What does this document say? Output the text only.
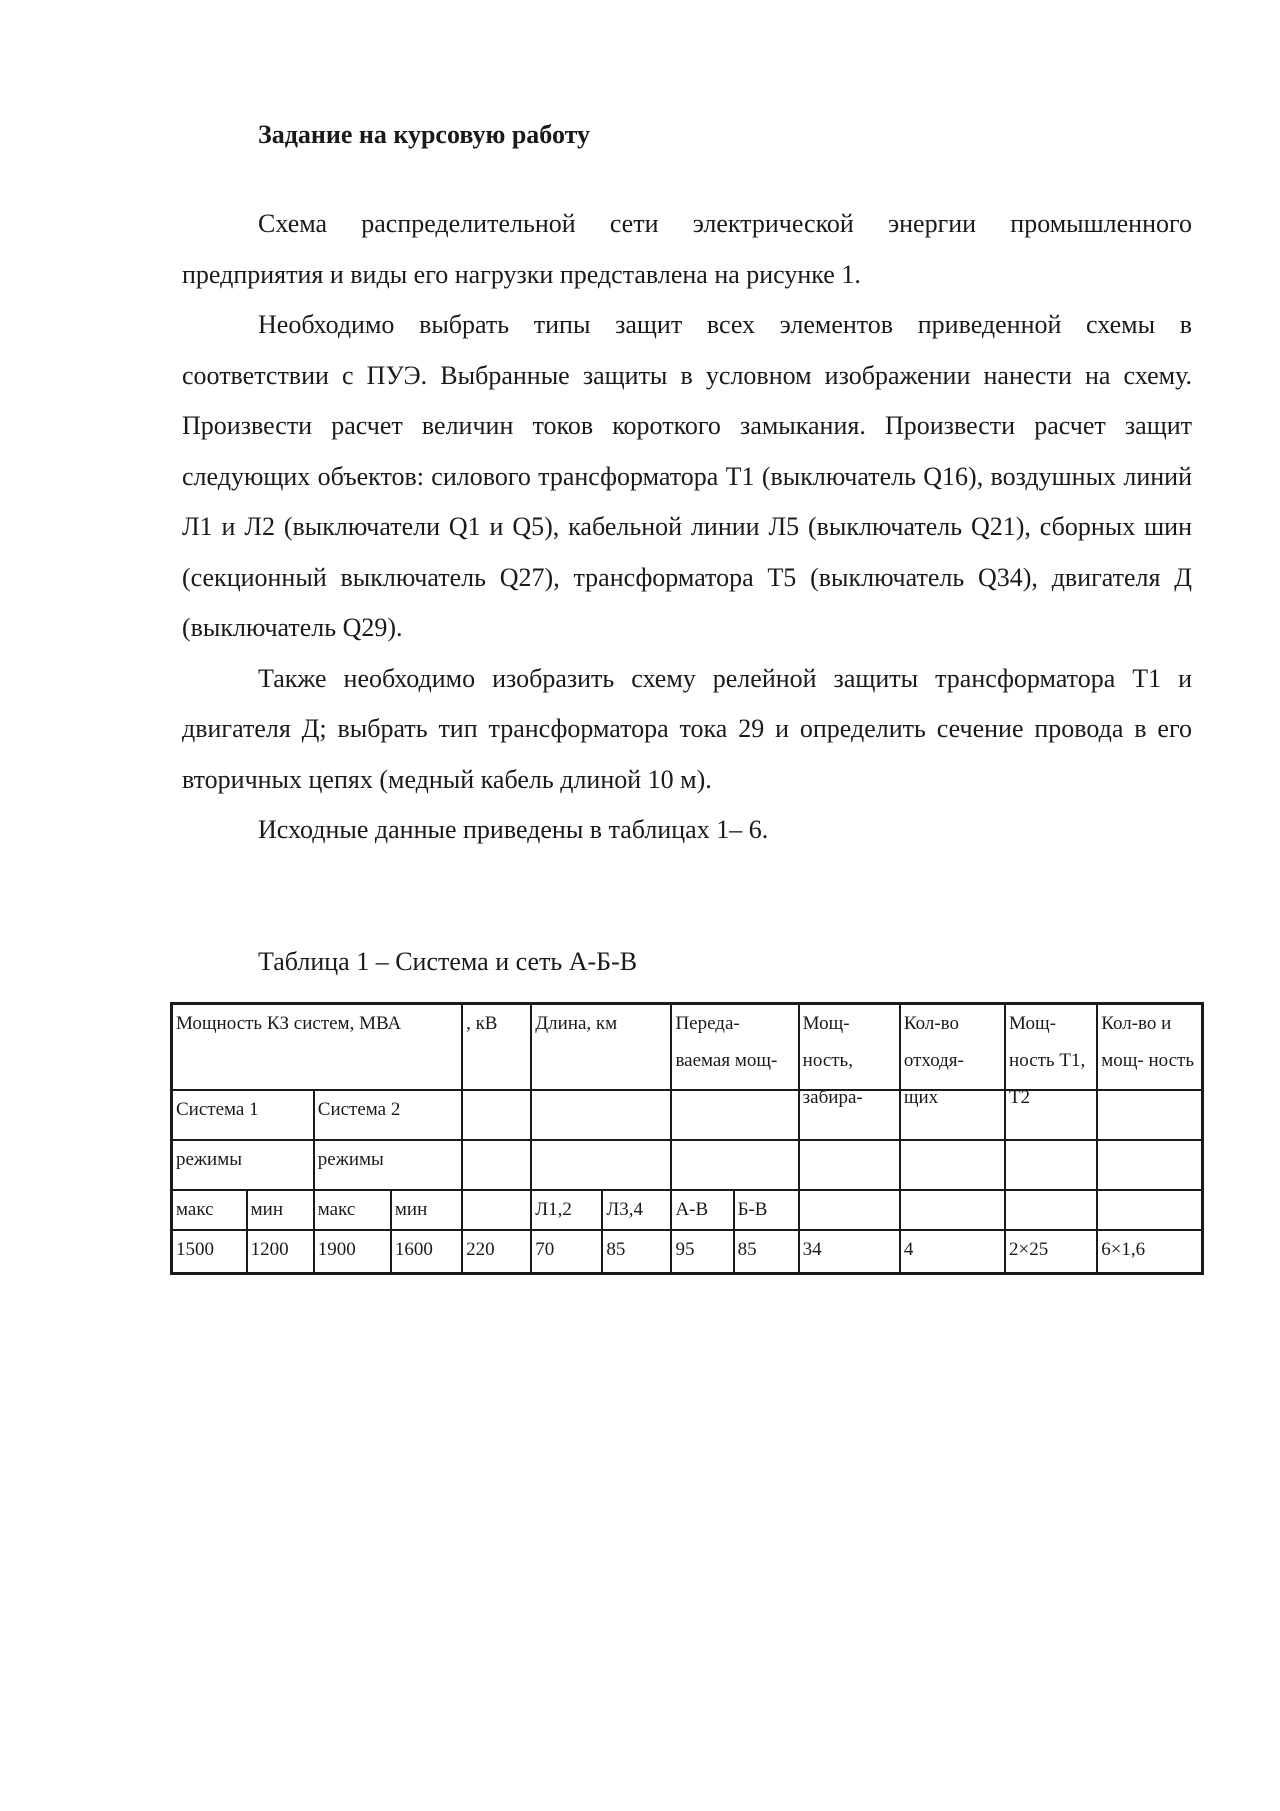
Задание на курсовую работу

Схема распределительной сети электрической энергии промышленного предприятия и виды его нагрузки представлена на рисунке 1.

Необходимо выбрать типы защит всех элементов приведенной схемы в соответствии с ПУЭ. Выбранные защиты в условном изображении нанести на схему. Произвести расчет величин токов короткого замыкания. Произвести расчет защит следующих объектов: силового трансформатора Т1 (выключатель Q16), воздушных линий Л1 и Л2 (выключатели Q1 и Q5), кабельной линии Л5 (выключатель Q21), сборных шин (секционный выключатель Q27), трансформатора Т5 (выключатель Q34), двигателя Д (выключатель Q29).

Также необходимо изобразить схему релейной защиты трансформатора Т1 и двигателя Д; выбрать тип трансформатора тока 29 и определить сечение провода в его вторичных цепях (медный кабель длиной 10 м).

Исходные данные приведены в таблицах 1– 6.

Таблица 1 – Система и сеть А-Б-В
Мощность КЗ систем, МВА				, кВ	Длина, км		Переда- ваемая мощ-		Мощ- ность, забира-	Кол-во отходя- щих	Мощ- ность Т1, Т2	Кол-во и мощ- ность

Система 1		Система 2										
режимы		режимы										
макс	мин	макс	мин		Л1,2	Л3,4	А-В	Б-В				
1500	1200	1900	1600	220	70	85	95	85	34	4	2×25	6×1,6
